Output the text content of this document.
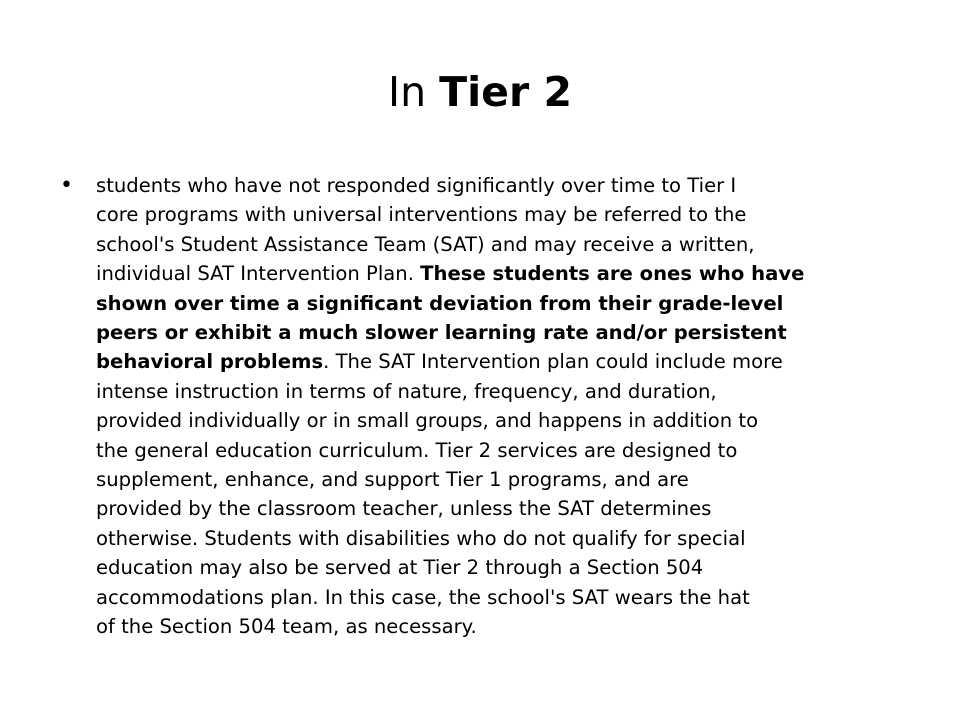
In Tier 2
•	students who have not responded significantly over time to Tier I
core programs with universal interventions may be referred to the
school's Student Assistance Team (SAT) and may receive a written,
individual SAT Intervention Plan. These students are ones who have
shown over time a significant deviation from their grade-level
peers or exhibit a much slower learning rate and/or persistent
behavioral problems. The SAT Intervention plan could include more
intense instruction in terms of nature, frequency, and duration,
provided individually or in small groups, and happens in addition to
the general education curriculum. Tier 2 services are designed to
supplement, enhance, and support Tier 1 programs, and are
provided by the classroom teacher, unless the SAT determines
otherwise. Students with disabilities who do not qualify for special
education may also be served at Tier 2 through a Section 504
accommodations plan. In this case, the school's SAT wears the hat
of the Section 504 team, as necessary.
